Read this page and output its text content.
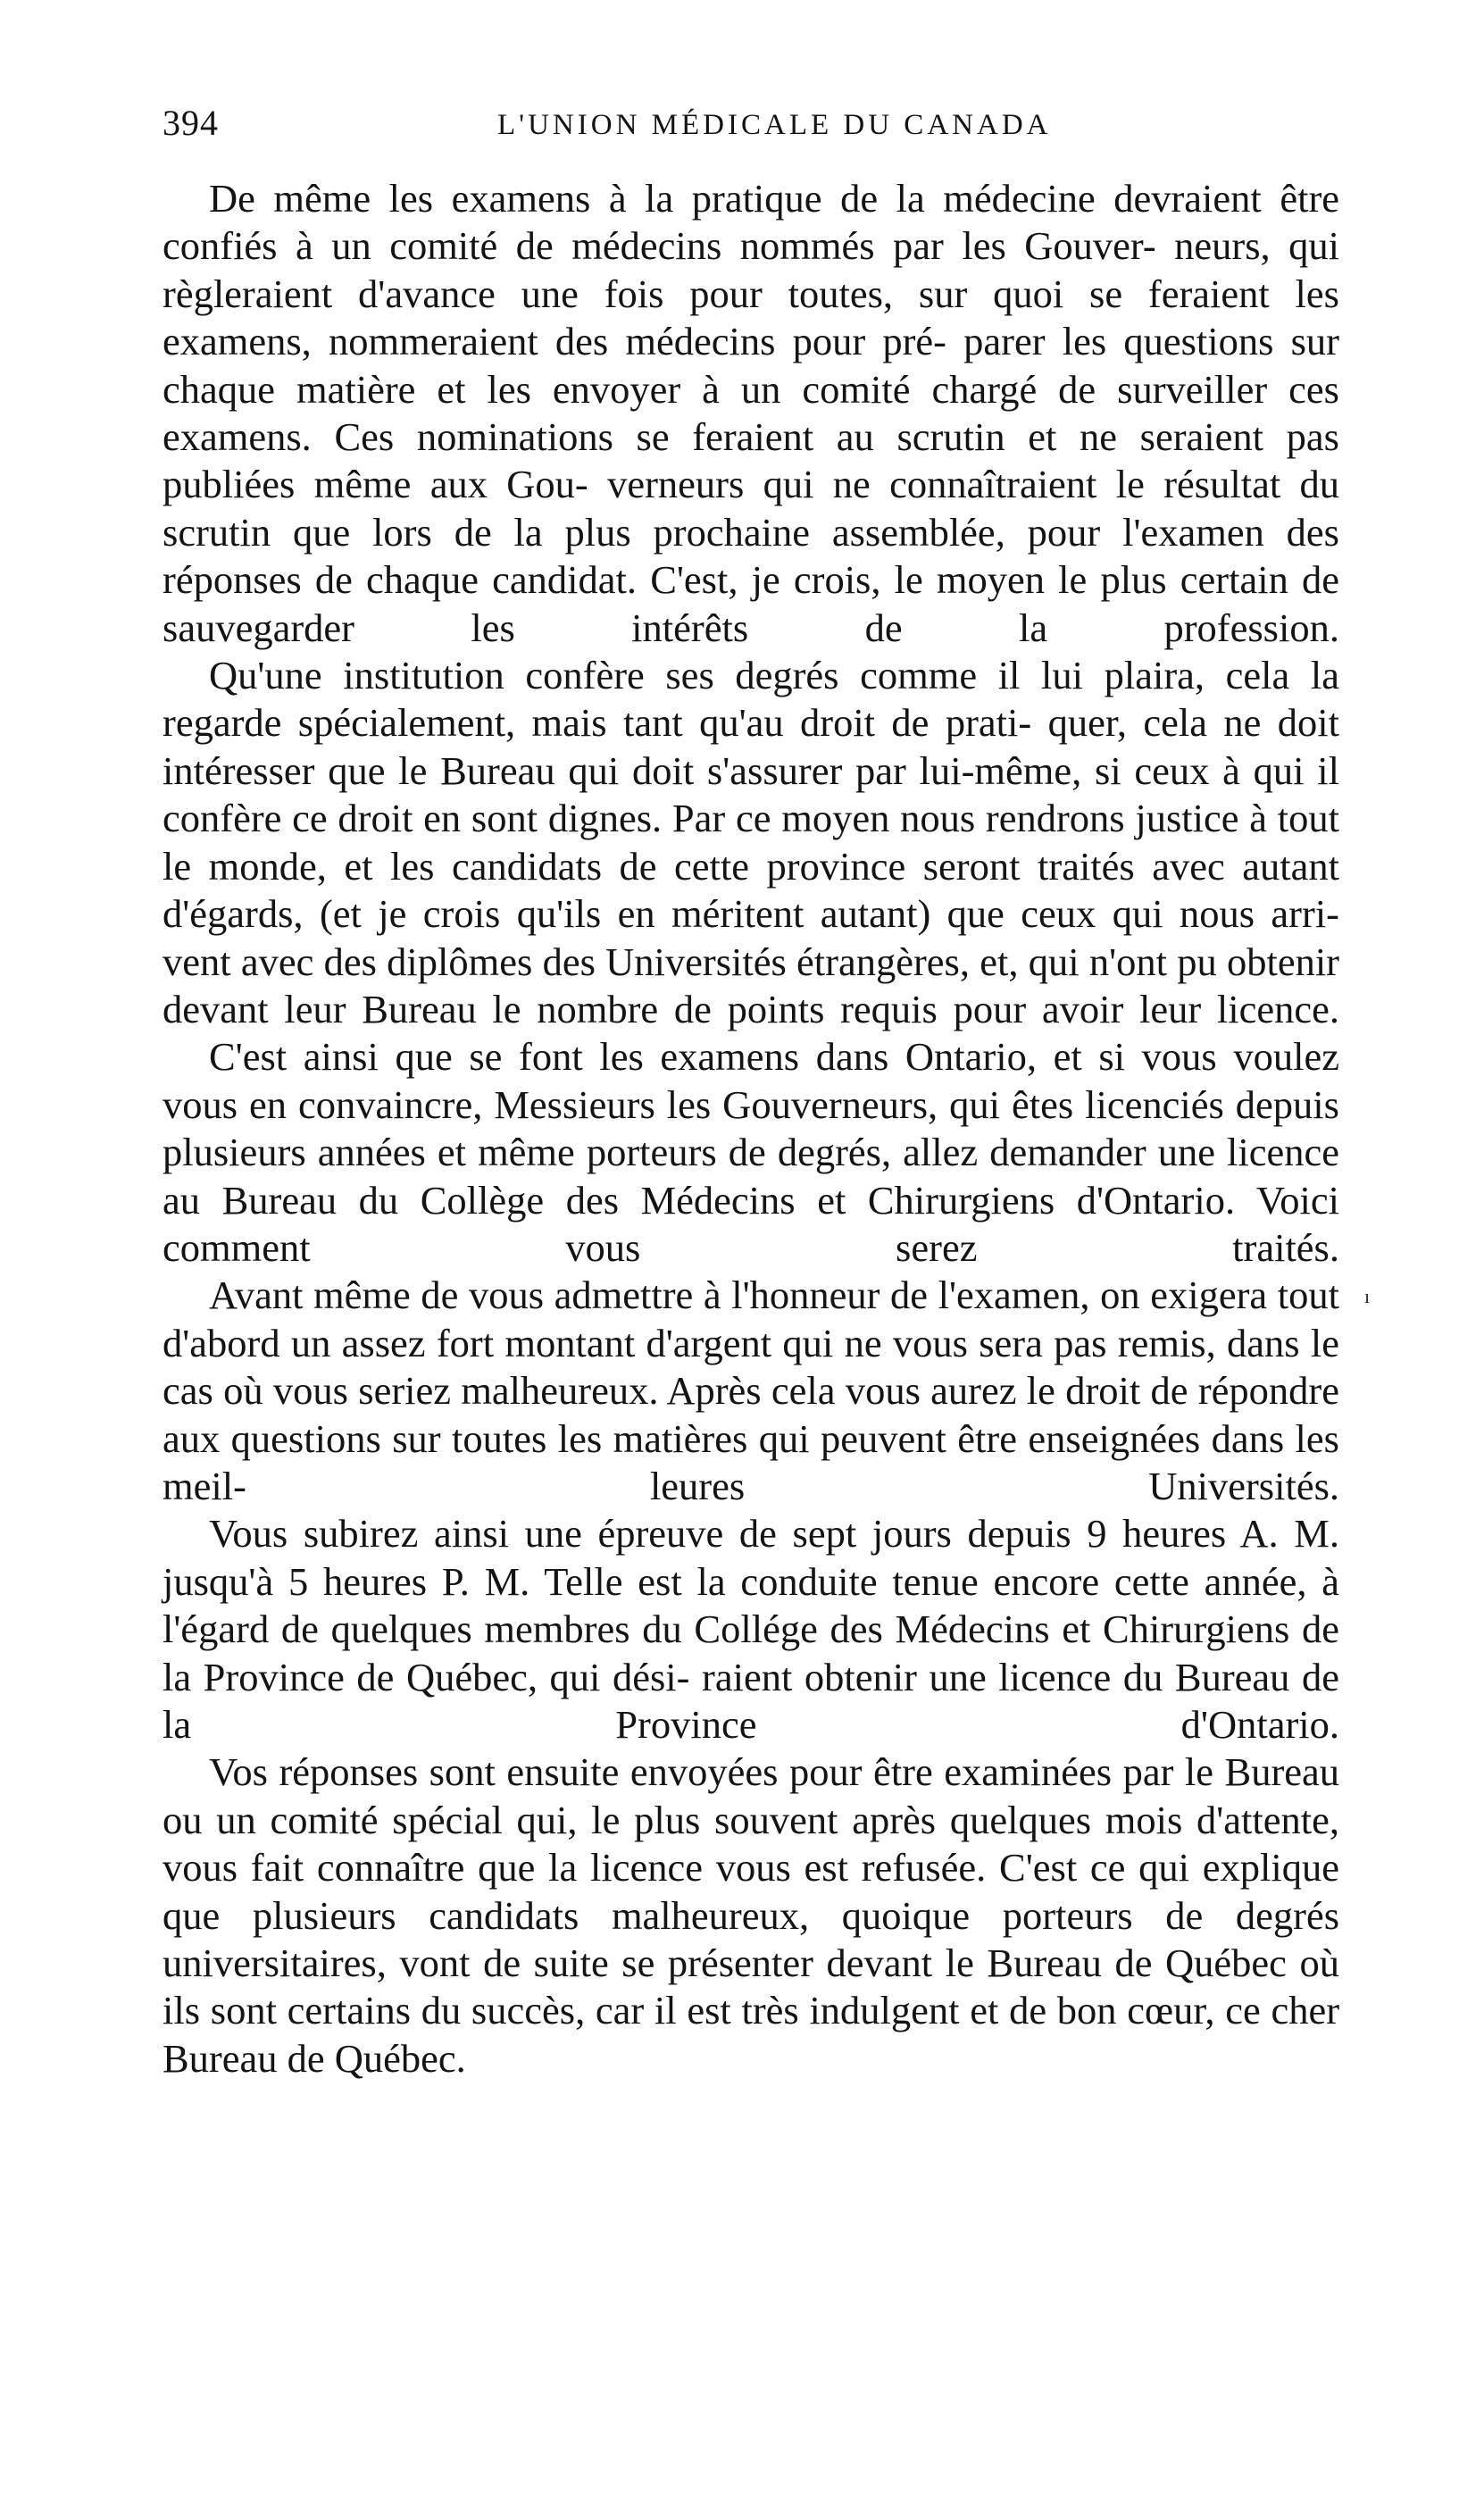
394	L'UNION MÉDICALE DU CANADA

De même les examens à la pratique de la médecine devraient être confiés à un comité de médecins nommés par les Gouver- neurs, qui règleraient d'avance une fois pour toutes, sur quoi se feraient les examens, nommeraient des médecins pour pré- parer les questions sur chaque matière et les envoyer à un comité chargé de surveiller ces examens. Ces nominations se feraient au scrutin et ne seraient pas publiées même aux Gou- verneurs qui ne connaîtraient le résultat du scrutin que lors de la plus prochaine assemblée, pour l'examen des réponses de chaque candidat. C'est, je crois, le moyen le plus certain de sauvegarder les intérêts de la profession.

Qu'une institution confère ses degrés comme il lui plaira, cela la regarde spécialement, mais tant qu'au droit de prati- quer, cela ne doit intéresser que le Bureau qui doit s'assurer par lui-même, si ceux à qui il confère ce droit en sont dignes. Par ce moyen nous rendrons justice à tout le monde, et les candidats de cette province seront traités avec autant d'égards, (et je crois qu'ils en méritent autant) que ceux qui nous arri- vent avec des diplômes des Universités étrangères, et, qui n'ont pu obtenir devant leur Bureau le nombre de points requis pour avoir leur licence.

C'est ainsi que se font les examens dans Ontario, et si vous voulez vous en convaincre, Messieurs les Gouverneurs, qui êtes licenciés depuis plusieurs années et même porteurs de degrés, allez demander une licence au Bureau du Collège des Médecins et Chirurgiens d'Ontario. Voici comment vous serez traités.

Avant même de vous admettre à l'honneur de l'examen, on exigera tout d'abord un assez fort montant d'argent qui ne vous sera pas remis, dans le cas où vous seriez malheureux. Après cela vous aurez le droit de répondre aux questions sur toutes les matières qui peuvent être enseignées dans les meil-	leures Universités.

Vous subirez ainsi une épreuve de sept jours depuis 9 heures A. M. jusqu'à 5 heures P. M. Telle est la conduite tenue encore cette année, à l'égard de quelques membres du Collége des Médecins et Chirurgiens de la Province de Québec, qui dési- raient obtenir une licence du Bureau de la Province d'Ontario.

Vos réponses sont ensuite envoyées pour être examinées par le Bureau ou un comité spécial qui, le plus souvent après quelques mois d'attente, vous fait connaître que la licence vous est refusée. C'est ce qui explique que plusieurs candidats malheureux, quoique porteurs de degrés universitaires, vont de suite se présenter devant le Bureau de Québec où ils sont certains du succès, car il est très indulgent et de bon cœur, ce cher Bureau de Québec.

ı
